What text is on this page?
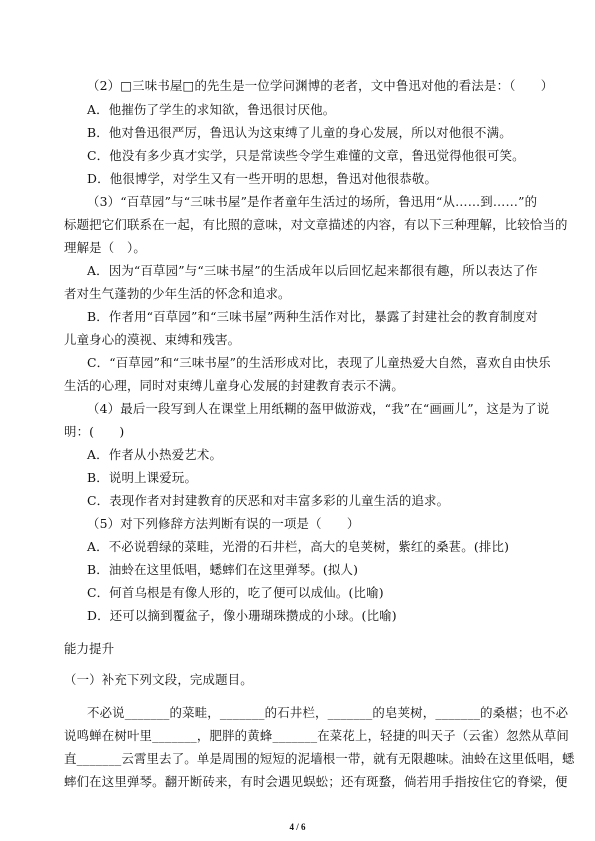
（2）□三味书屋□的先生是一位学问渊博的老者，文中鲁迅对他的看法是：（　　）
A．他摧伤了学生的求知欲，鲁迅很讨厌他。
B．他对鲁迅很严厉，鲁迅认为这束缚了儿童的身心发展，所以对他很不满。
C．他没有多少真才实学，只是常读些令学生难懂的文章，鲁迅觉得他很可笑。
D．他很博学，对学生又有一些开明的思想，鲁迅对他很恭敬。
（3）“百草园”与“三味书屋”是作者童年生活过的场所，鲁迅用“从……到……”的
标题把它们联系在一起，有比照的意味，对文章描述的内容，有以下三种理解，比较恰当的
理解是（　）。
A．因为“百草园”与“三味书屋”的生活成年以后回忆起来都很有趣，所以表达了作
者对生气蓬勃的少年生活的怀念和追求。
B．作者用“百草园”和“三味书屋”两种生活作对比，暴露了封建社会的教育制度对
儿童身心的漠视、束缚和残害。
C．“百草园”和“三味书屋”的生活形成对比，表现了儿童热爱大自然，喜欢自由快乐
生活的心理，同时对束缚儿童身心发展的封建教育表示不满。
（4）最后一段写到人在课堂上用纸糊的盔甲做游戏，“我”在“画画儿”，这是为了说
明：(　　)
A．作者从小热爱艺术。
B．说明上课爱玩。
C．表现作者对封建教育的厌恶和对丰富多彩的儿童生活的追求。
（5）对下列修辞方法判断有误的一项是（　　）
A．不必说碧绿的菜畦，光滑的石井栏，高大的皂荚树，紫红的桑葚。(排比)
B．油蛉在这里低唱，蟋蟀们在这里弹琴。(拟人)
C．何首乌根是有像人形的，吃了便可以成仙。(比喻)
D．还可以摘到覆盆子，像小珊瑚珠攒成的小球。(比喻)
能力提升
（一）补充下列文段，完成题目。
不必说_______的菜畦，_______的石井栏，_______的皂荚树，_______的桑椹；也不必
说鸣蝉在树叶里_______，肥胖的黄蜂_______在菜花上，轻捷的叫天子（云雀）忽然从草间
直_______云霄里去了。单是周围的短短的泥墙根一带，就有无限趣味。油蛉在这里低唱，蟋
蟀们在这里弹琴。翻开断砖来，有时会遇见蜈蚣；还有斑蝥，倘若用手指按住它的脊梁，便
4 / 6
